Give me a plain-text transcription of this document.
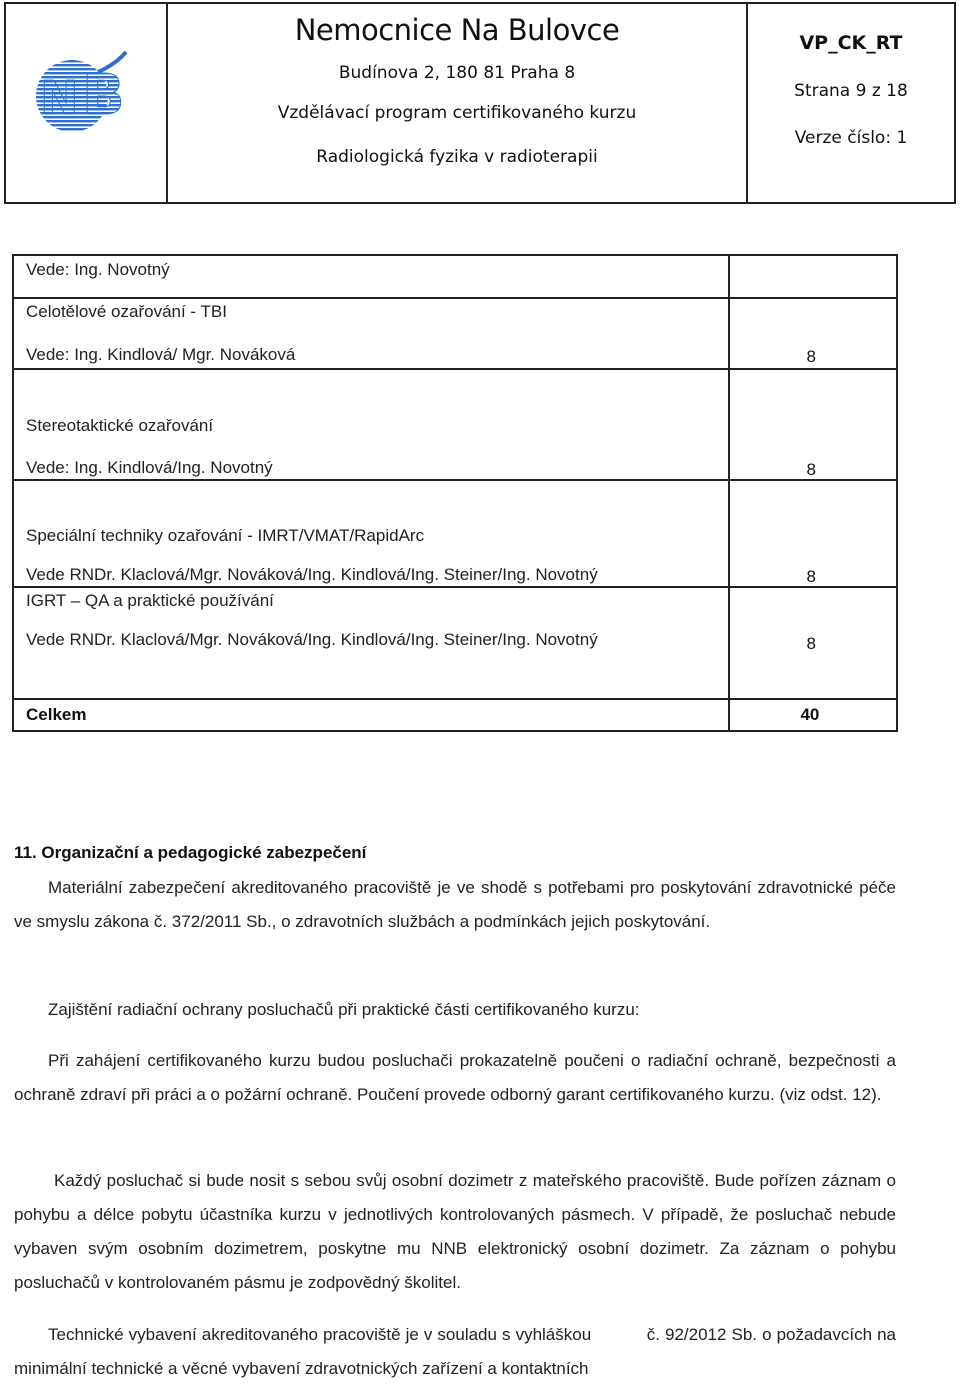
N B
Nemocnice Na Bulovce
Budínova 2, 180 81 Praha 8
Vzdělávací program certifikovaného kurzu
Radiologická fyzika v radioterapii
VP_CK_RT
Strana 9 z 18
Verze číslo: 1
Vede: Ing. Novotný	

Celotělové ozařování - TBI
Vede: Ing. Kindlová/ Mgr. Nováková	8

Stereotaktické ozařování
Vede: Ing. Kindlová/Ing. Novotný	8

Speciální techniky ozařování - IMRT/VMAT/RapidArc
Vede RNDr. Klaclová/Mgr. Nováková/Ing. Kindlová/Ing. Steiner/Ing. Novotný	8

IGRT – QA a praktické používání
Vede RNDr. Klaclová/Mgr. Nováková/Ing. Kindlová/Ing. Steiner/Ing. Novotný	8

Celkem	40
11. Organizační a pedagogické zabezpečení
Materiální zabezpečení akreditovaného pracoviště je ve shodě s potřebami pro poskytování zdravotnické péče ve smyslu zákona č. 372/2011 Sb., o zdravotních službách a podmínkách jejich poskytování.
Zajištění radiační ochrany posluchačů při praktické části certifikovaného kurzu:
Při zahájení certifikovaného kurzu budou posluchači prokazatelně poučeni o radiační ochraně, bezpečnosti a ochraně zdraví při práci a o požární ochraně. Poučení provede odborný garant certifikovaného kurzu. (viz odst. 12).
Každý posluchač si bude nosit s sebou svůj osobní dozimetr z mateřského pracoviště. Bude pořízen záznam o pohybu a délce pobytu účastníka kurzu v jednotlivých kontrolovaných pásmech. V případě, že posluchač nebude vybaven svým osobním dozimetrem, poskytne mu NNB elektronický osobní dozimetr. Za záznam o pohybu posluchačů v kontrolovaném pásmu je zodpovědný školitel.
Technické vybavení akreditovaného pracoviště je v souladu s vyhláškou           č. 92/2012 Sb. o požadavcích na minimální technické a věcné vybavení zdravotnických zařízení a kontaktních
